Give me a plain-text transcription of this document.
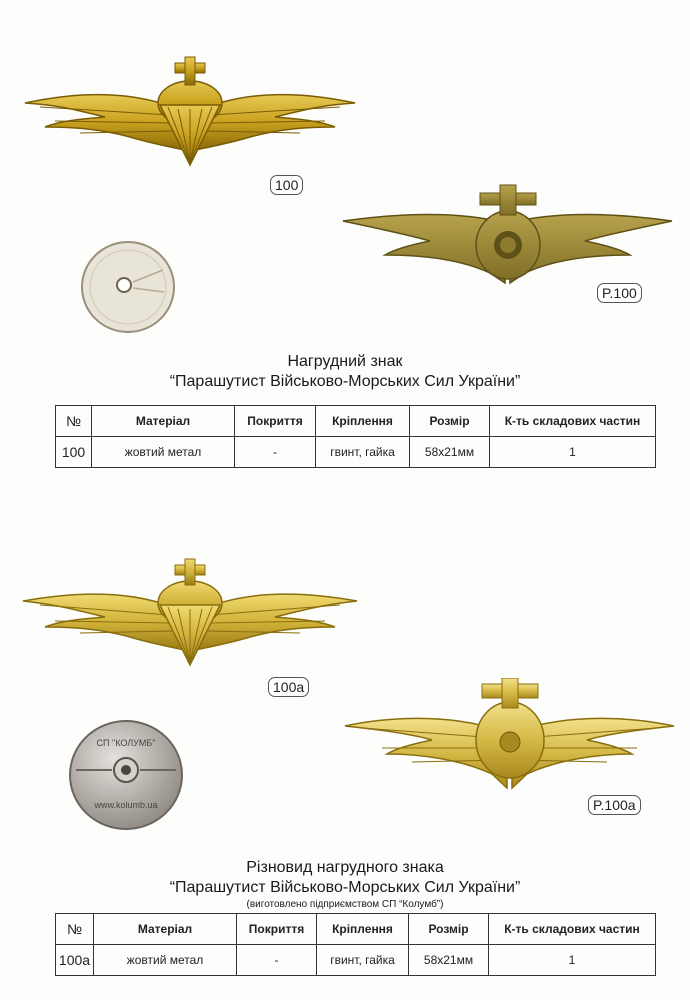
100
P.100
Нагрудний знак
“Парашутист Військово-Морських Сил України”
№	Матеріал	Покриття	Кріплення	Розмір	К-ть складових частин
100	жовтий метал	-	гвинт, гайка	58х21мм	1
100а
СП "КОЛУМБ"
www.kolumb.ua	P.100а
Різновид нагрудного знака
“Парашутист Військово-Морських Сил України”
(виготовлено підприємством СП “Колумб”)
№	Матеріал	Покриття	Кріплення	Розмір	К-ть складових частин
100а	жовтий метал	-	гвинт, гайка	58х21мм	1
